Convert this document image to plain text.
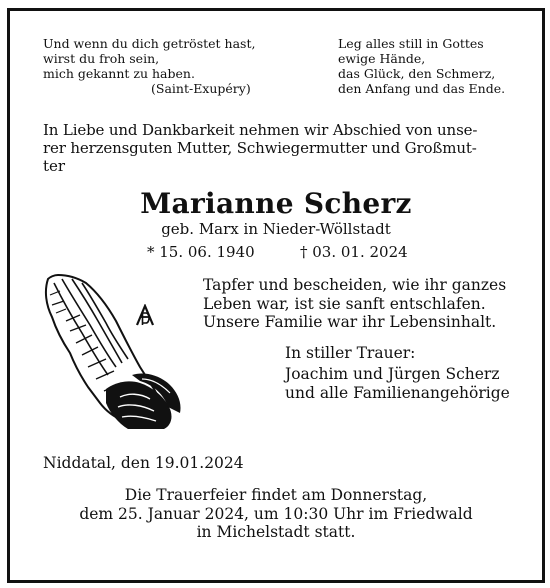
Und wenn du dich getröstet hast,
wirst du froh sein,
mich gekannt zu haben.
(Saint-Exupéry)
Leg alles still in Gottes
ewige Hände,
das Glück, den Schmerz,
den Anfang und das Ende.
In Liebe und Dankbarkeit nehmen wir Abschied von unse-
rer herzensguten Mutter, Schwiegermutter und Großmut-
ter
Marianne Scherz
geb. Marx in Nieder-Wöllstadt
* 15. 06. 1940	† 03. 01. 2024
Tapfer und bescheiden, wie ihr ganzes
Leben war, ist sie sanft entschlafen.
Unsere Familie war ihr Lebensinhalt.
In stiller Trauer:
Joachim und Jürgen Scherz
und alle Familienangehörige
Niddatal, den 19.01.2024
Die Trauerfeier findet am Donnerstag,
dem 25. Januar 2024, um 10:30 Uhr im Friedwald
in Michelstadt statt.
